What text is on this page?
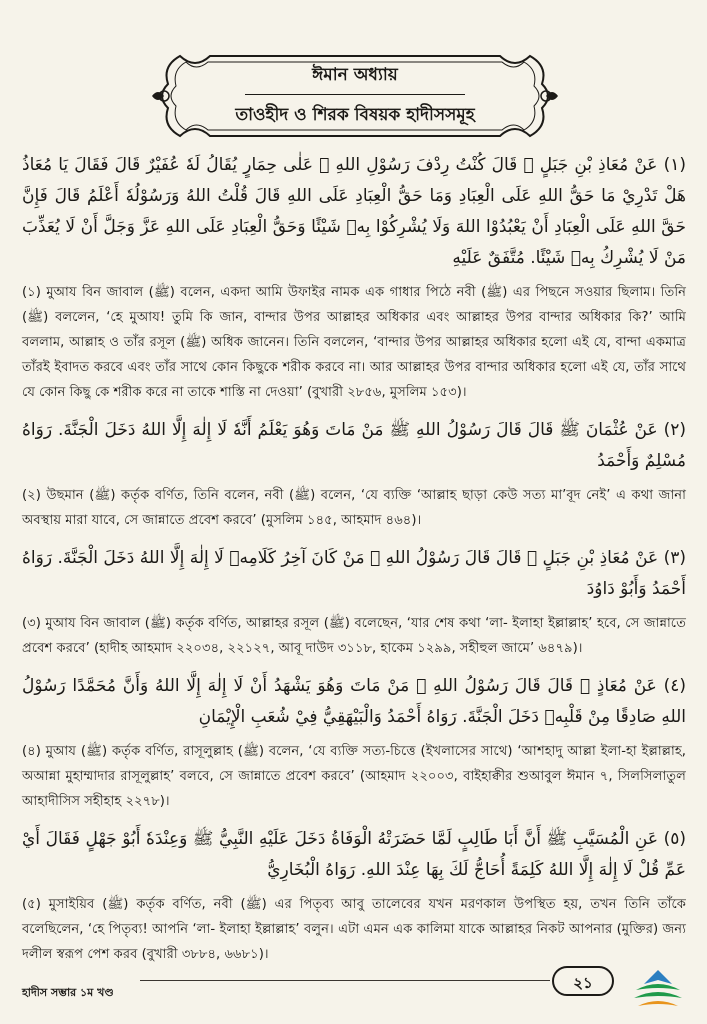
ঈমান অধ্যায়
তাওহীদ ও শিরক বিষয়ক হাদীসসমূহ

(١) عَنْ مُعَاذِ بْنِ جَبَلٍ ﷺ قَالَ كُنْتُ رِدْفَ رَسُوْلِ اللهِ ﷺ عَلٰى حِمَارٍ يُقَالُ لَهٗ عُفَيْرٌ قَالَ فَقَالَ يَا مُعَاذُ هَلْ تَدْرِيْ مَا حَقُّ اللهِ عَلَى الْعِبَادِ وَمَا حَقُّ الْعِبَادِ عَلَى اللهِ قَالَ قُلْتُ اللهُ وَرَسُوْلُهٗ أَعْلَمُ قَالَ فَإِنَّ حَقَّ اللهِ عَلَى الْعِبَادِ أَنْ يَعْبُدُوْا اللهَ وَلَا يُشْرِكُوْا بِهٖ شَيْئًا وَحَقُّ الْعِبَادِ عَلَى اللهِ عَزَّ وَجَلَّ أَنْ لَا يُعَذِّبَ مَنْ لَا يُشْرِكُ بِهٖ شَيْئًا. مُتَّفَقٌ عَلَيْهِ

(১) মুআয বিন জাবাল (ﷺ) বলেন, একদা আমি উফাইর নামক এক গাধার পিঠে নবী (ﷺ) এর পিছনে সওয়ার ছিলাম। তিনি (ﷺ) বললেন, ‘হে মুআয! তুমি কি জান, বান্দার উপর আল্লাহর অধিকার এবং আল্লাহর উপর বান্দার অধিকার কি?’ আমি বললাম, আল্লাহ ও তাঁর রসূল (ﷺ) অধিক জানেন। তিনি বললেন, ‘বান্দার উপর আল্লাহর অধিকার হলো এই যে, বান্দা একমাত্র তাঁরই ইবাদত করবে এবং তাঁর সাথে কোন কিছুকে শরীক করবে না। আর আল্লাহর উপর বান্দার অধিকার হলো এই যে, তাঁর সাথে যে কোন কিছু কে শরীক করে না তাকে শাস্তি না দেওয়া’ (বুখারী ২৮৫৬, মুসলিম ১৫৩)।

(٢) عَنْ عُثْمَانَ ﷺ قَالَ قَالَ رَسُوْلُ اللهِ ﷺ مَنْ مَاتَ وَهُوَ يَعْلَمُ أَنَّهٗ لَا إِلٰهَ إِلَّا اللهُ دَخَلَ الْجَنَّةَ. رَوَاهُ مُسْلِمٌ وَأَحْمَدُ

(২) উছমান (ﷺ) কর্তৃক বর্ণিত, তিনি বলেন, নবী (ﷺ) বলেন, ‘যে ব্যক্তি ‘আল্লাহ ছাড়া কেউ সত্য মা’বূদ নেই’ এ কথা জানা অবস্থায় মারা যাবে, সে জান্নাতে প্রবেশ করবে’ (মুসলিম ১৪৫, আহমাদ ৪৬৪)।

(٣) عَنْ مُعَاذِ بْنِ جَبَلٍ ﷺ قَالَ قَالَ رَسُوْلُ اللهِ ﷺ مَنْ كَانَ آخِرُ كَلَامِهٖ لَا إِلٰهَ إِلَّا اللهُ دَخَلَ الْجَنَّةَ. رَوَاهُ أَحْمَدُ وَأَبُوْ دَاوُدَ

(৩) মুআয বিন জাবাল (ﷺ) কর্তৃক বর্ণিত, আল্লাহর রসূল (ﷺ) বলেছেন, ‘যার শেষ কথা ‘লা- ইলাহা ইল্লাল্লাহ’ হবে, সে জান্নাতে প্রবেশ করবে’ (হাদীহ আহমাদ ২২০৩৪, ২২১২৭, আবূ দাউদ ৩১১৮, হাকেম ১২৯৯, সহীহুল জামে’ ৬৪৭৯)।

(٤) عَنْ مُعَاذٍ ﷺ قَالَ قَالَ رَسُوْلُ اللهِ ﷺ مَنْ مَاتَ وَهُوَ يَشْهَدُ أَنْ لَا إِلٰهَ إِلَّا اللهُ وَأَنَّ مُحَمَّدًا رَسُوْلُ اللهِ صَادِقًا مِنْ قَلْبِهٖ دَخَلَ الْجَنَّةَ. رَوَاهُ أَحْمَدُ وَالْبَيْهَقِيُّ فِيْ شُعَبِ الْإِيْمَانِ

(৪) মুআয (ﷺ) কর্তৃক বর্ণিত, রাসূলুল্লাহ (ﷺ) বলেন, ‘যে ব্যক্তি সত্য-চিত্তে (ইখলাসের সাথে) ‘আশহাদু আল্লা ইলা-হা ইল্লাল্লাহ, অআন্না মুহাম্মাদার রাসূলুল্লাহ’ বলবে, সে জান্নাতে প্রবেশ করবে’ (আহমাদ ২২০০৩, বাইহাক্বীর শুআবুল ঈমান ৭, সিলসিলাতুল আহাদীসিস সহীহাহ ২২৭৮)।

(٥) عَنِ الْمُسَيَّبِ ﷺ أَنَّ أَبَا طَالِبٍ لَمَّا حَضَرَتْهُ الْوَفَاةُ دَخَلَ عَلَيْهِ النَّبِيُّ ﷺ وَعِنْدَهٗ أَبُوْ جَهْلٍ فَقَالَ أَيْ عَمِّ قُلْ لَا إِلٰهَ إِلَّا اللهُ كَلِمَةً أُحَاجُّ لَكَ بِهَا عِنْدَ اللهِ. رَوَاهُ الْبُخَارِيُّ

(৫) মুসাইয়িব (ﷺ) কর্তৃক বর্ণিত, নবী (ﷺ) এর পিতৃব্য আবু তালেবের যখন মরণকাল উপস্থিত হয়, তখন তিনি তাঁকে বলেছিলেন, ‘হে পিতৃব্য! আপনি ‘লা- ইলাহা ইল্লাল্লাহ’ বলুন। এটা এমন এক কালিমা যাকে আল্লাহর নিকট আপনার (মুক্তির) জন্য দলীল স্বরূপ পেশ করব (বুখারী ৩৮৮৪, ৬৬৮১)।

হাদীস সম্ভার ১ম খণ্ড
২১
